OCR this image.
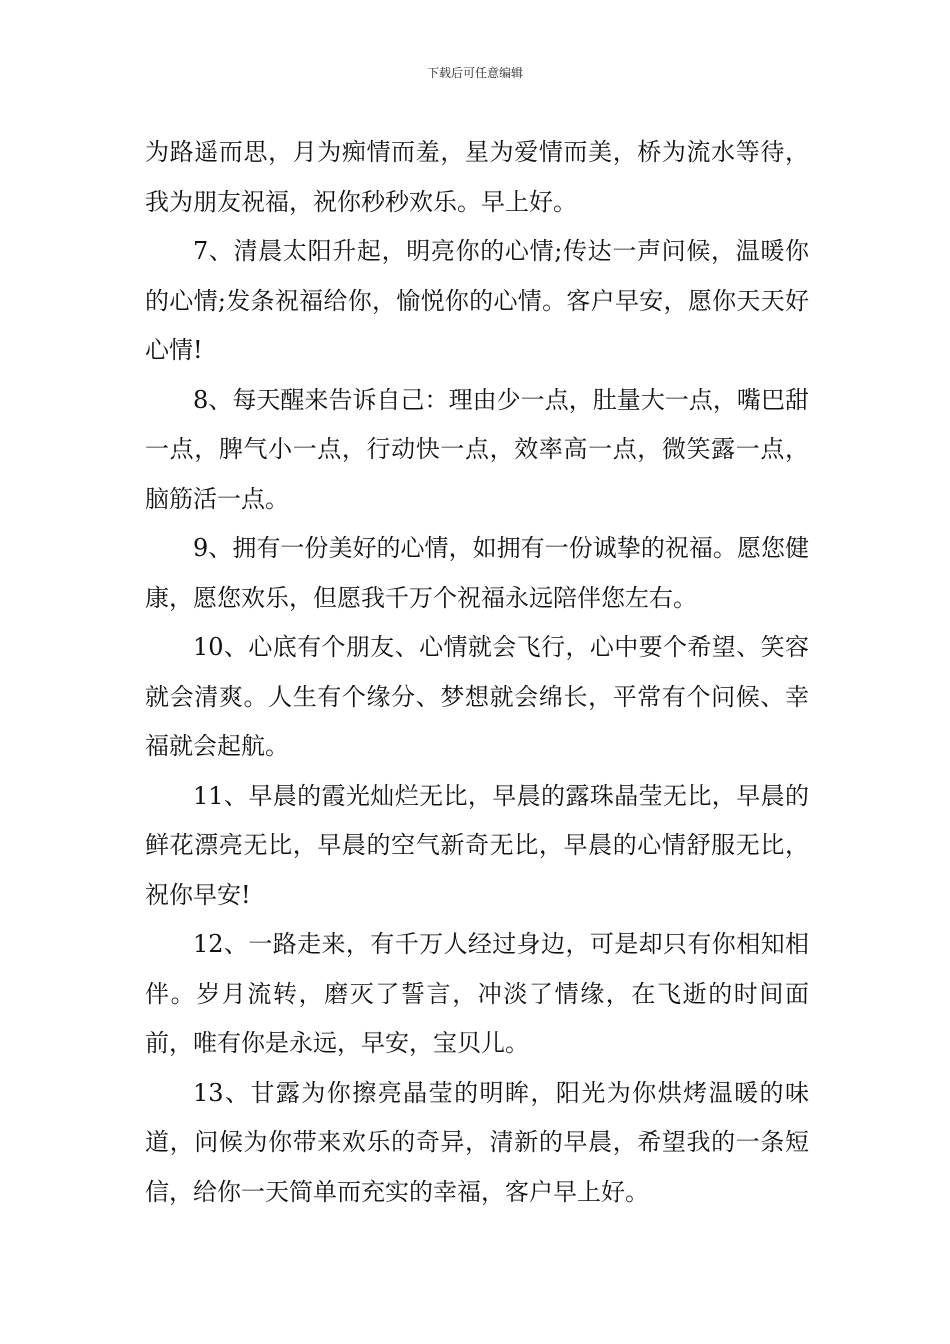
下载后可任意编辑

为路遥而思，月为痴情而羞，星为爱情而美，桥为流水等待，我为朋友祝福，祝你秒秒欢乐。早上好。

7、清晨太阳升起，明亮你的心情;传达一声问候，温暖你的心情;发条祝福给你，愉悦你的心情。客户早安，愿你天天好心情!

8、每天醒来告诉自己：理由少一点，肚量大一点，嘴巴甜一点，脾气小一点，行动快一点，效率高一点，微笑露一点，脑筋活一点。

9、拥有一份美好的心情，如拥有一份诚挚的祝福。愿您健康，愿您欢乐，但愿我千万个祝福永远陪伴您左右。

10、心底有个朋友、心情就会飞行，心中要个希望、笑容就会清爽。人生有个缘分、梦想就会绵长，平常有个问候、幸福就会起航。

11、早晨的霞光灿烂无比，早晨的露珠晶莹无比，早晨的鲜花漂亮无比，早晨的空气新奇无比，早晨的心情舒服无比，祝你早安!

12、一路走来，有千万人经过身边，可是却只有你相知相伴。岁月流转，磨灭了誓言，冲淡了情缘，在飞逝的时间面前，唯有你是永远，早安，宝贝儿。

13、甘露为你擦亮晶莹的明眸，阳光为你烘烤温暖的味道，问候为你带来欢乐的奇异，清新的早晨，希望我的一条短信，给你一天简单而充实的幸福，客户早上好。
